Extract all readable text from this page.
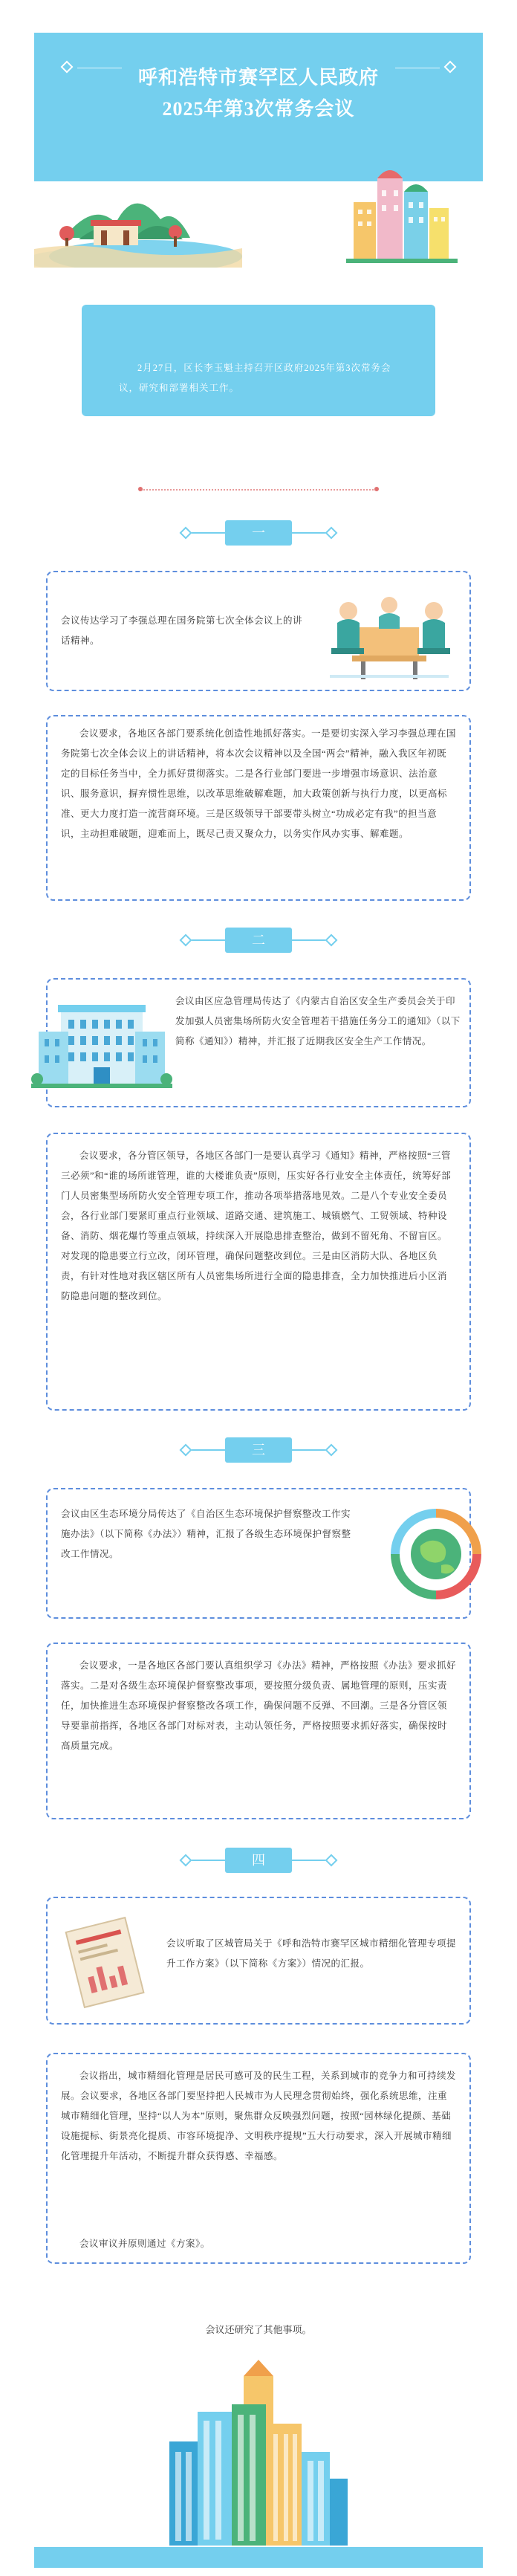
呼和浩特市赛罕区人民政府
2025年第3次常务会议

2月27日，区长李玉魁主持召开区政府2025年第3次常务会议，研究和部署相关工作。

一
会议传达学习了李强总理在国务院第七次全体会议上的讲话精神。
会议要求，各地区各部门要系统化创造性地抓好落实。一是要切实深入学习李强总理在国务院第七次全体会议上的讲话精神，将本次会议精神以及全国“两会”精神，融入我区年初既定的目标任务当中，全力抓好贯彻落实。二是各行业部门要进一步增强市场意识、法治意识、服务意识，摒弃惯性思维，以改革思维破解难题，加大政策创新与执行力度，以更高标准、更大力度打造一流营商环境。三是区级领导干部要带头树立“功成必定有我”的担当意识，主动担难破题，迎难而上，既尽己责又聚众力，以务实作风办实事、解难题。
二
会议由区应急管理局传达了《内蒙古自治区安全生产委员会关于印发加强人员密集场所防火安全管理若干措施任务分工的通知》（以下简称《通知》）精神，并汇报了近期我区安全生产工作情况。
会议要求，各分管区领导，各地区各部门一是要认真学习《通知》精神，严格按照“三管三必须”和“谁的场所谁管理，谁的大楼谁负责”原则，压实好各行业安全主体责任，统筹好部门人员密集型场所防火安全管理专项工作，推动各项举措落地见效。二是八个专业安全委员会，各行业部门要紧盯重点行业领域、道路交通、建筑施工、城镇燃气、工贸领域、特种设备、消防、烟花爆竹等重点领域，持续深入开展隐患排查整治，做到不留死角、不留盲区。对发现的隐患要立行立改，闭环管理，确保问题整改到位。三是由区消防大队、各地区负责，有针对性地对我区辖区所有人员密集场所进行全面的隐患排查，全力加快推进后小区消防隐患问题的整改到位。
三
会议由区生态环境分局传达了《自治区生态环境保护督察整改工作实施办法》（以下简称《办法》）精神，汇报了各级生态环境保护督察整改工作情况。
会议要求，一是各地区各部门要认真组织学习《办法》精神，严格按照《办法》要求抓好落实。二是对各级生态环境保护督察整改事项，要按照分级负责、属地管理的原则，压实责任，加快推进生态环境保护督察整改各项工作，确保问题不反弹、不回潮。三是各分管区领导要靠前指挥，各地区各部门对标对表，主动认领任务，严格按照要求抓好落实，确保按时高质量完成。
四
会议听取了区城管局关于《呼和浩特市赛罕区城市精细化管理专项提升工作方案》（以下简称《方案》）情况的汇报。
会议指出，城市精细化管理是居民可感可及的民生工程，关系到城市的竞争力和可持续发展。会议要求，各地区各部门要坚持把人民城市为人民理念贯彻始终，强化系统思维，注重城市精细化管理，坚持“以人为本”原则，聚焦群众反映强烈问题，按照“园林绿化提颜、基础设施提标、街景亮化提质、市容环境提净、文明秩序提规”五大行动要求，深入开展城市精细化管理提升年活动，不断提升群众获得感、幸福感。
会议审议并原则通过《方案》。
会议还研究了其他事项。
